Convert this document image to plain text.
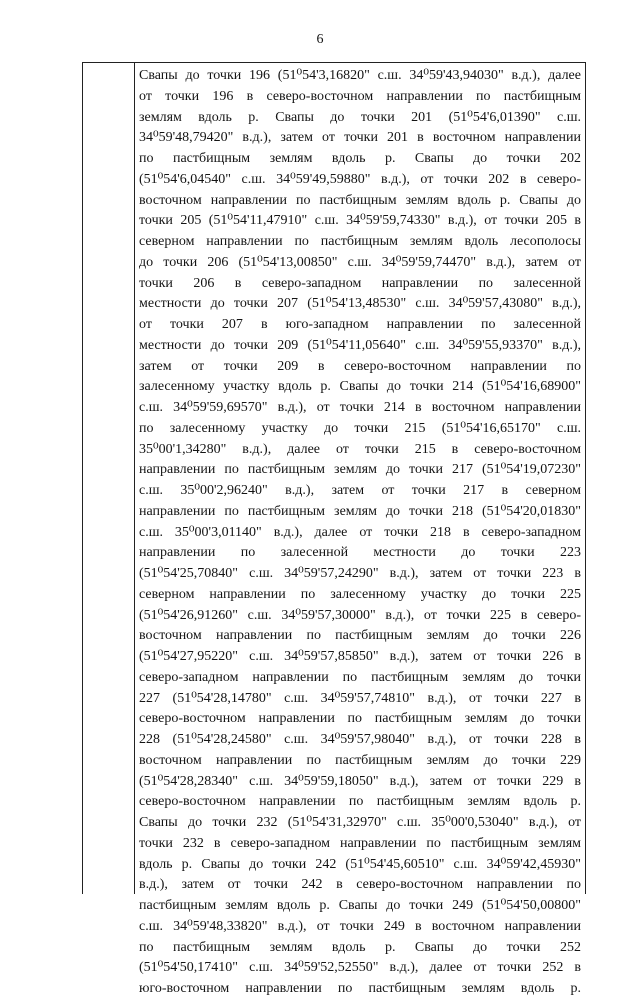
6
Свапы до точки 196 (51⁰54'3,16820" с.ш. 34⁰59'43,94030" в.д.), далее
от точки 196 в северо-восточном направлении по пастбищным
землям вдоль р. Свапы до точки 201 (51⁰54'6,01390" с.ш.
34⁰59'48,79420" в.д.), затем от точки 201 в восточном направлении
по пастбищным землям вдоль р. Свапы до точки 202
(51⁰54'6,04540" с.ш. 34⁰59'49,59880" в.д.), от точки 202 в северо-
восточном направлении по пастбищным землям вдоль р. Свапы до
точки 205 (51⁰54'11,47910" с.ш. 34⁰59'59,74330" в.д.), от точки 205 в
северном направлении по пастбищным землям вдоль лесополосы
до точки 206 (51⁰54'13,00850" с.ш. 34⁰59'59,74470" в.д.), затем от
точки 206 в северо-западном направлении по залесенной
местности до точки 207 (51⁰54'13,48530" с.ш. 34⁰59'57,43080" в.д.),
от точки 207 в юго-западном направлении по залесенной
местности до точки 209 (51⁰54'11,05640" с.ш. 34⁰59'55,93370" в.д.),
затем от точки 209 в северо-восточном направлении по
залесенному участку вдоль р. Свапы до точки 214 (51⁰54'16,68900"
с.ш. 34⁰59'59,69570" в.д.), от точки 214 в восточном направлении
по залесенному участку до точки 215 (51⁰54'16,65170" с.ш.
35⁰00'1,34280" в.д.), далее от точки 215 в северо-восточном
направлении по пастбищным землям до точки 217 (51⁰54'19,07230"
с.ш. 35⁰00'2,96240" в.д.), затем от точки 217 в северном
направлении по пастбищным землям до точки 218 (51⁰54'20,01830"
с.ш. 35⁰00'3,01140" в.д.), далее от точки 218 в северо-западном
направлении по залесенной местности до точки 223
(51⁰54'25,70840" с.ш. 34⁰59'57,24290" в.д.), затем от точки 223 в
северном направлении по залесенному участку до точки 225
(51⁰54'26,91260" с.ш. 34⁰59'57,30000" в.д.), от точки 225 в северо-
восточном направлении по пастбищным землям до точки 226
(51⁰54'27,95220" с.ш. 34⁰59'57,85850" в.д.), затем от точки 226 в
северо-западном направлении по пастбищным землям до точки
227 (51⁰54'28,14780" с.ш. 34⁰59'57,74810" в.д.), от точки 227 в
северо-восточном направлении по пастбищным землям до точки
228 (51⁰54'28,24580" с.ш. 34⁰59'57,98040" в.д.), от точки 228 в
восточном направлении по пастбищным землям до точки 229
(51⁰54'28,28340" с.ш. 34⁰59'59,18050" в.д.), затем от точки 229 в
северо-восточном направлении по пастбищным землям вдоль р.
Свапы до точки 232 (51⁰54'31,32970" с.ш. 35⁰00'0,53040" в.д.), от
точки 232 в северо-западном направлении по пастбищным землям
вдоль р. Свапы до точки 242 (51⁰54'45,60510" с.ш. 34⁰59'42,45930"
в.д.), затем от точки 242 в северо-восточном направлении по
пастбищным землям вдоль р. Свапы до точки 249 (51⁰54'50,00800"
с.ш. 34⁰59'48,33820" в.д.), от точки 249 в восточном направлении
по пастбищным землям вдоль р. Свапы до точки 252
(51⁰54'50,17410" с.ш. 34⁰59'52,52550" в.д.), далее от точки 252 в
юго-восточном направлении по пастбищным землям вдоль р.
